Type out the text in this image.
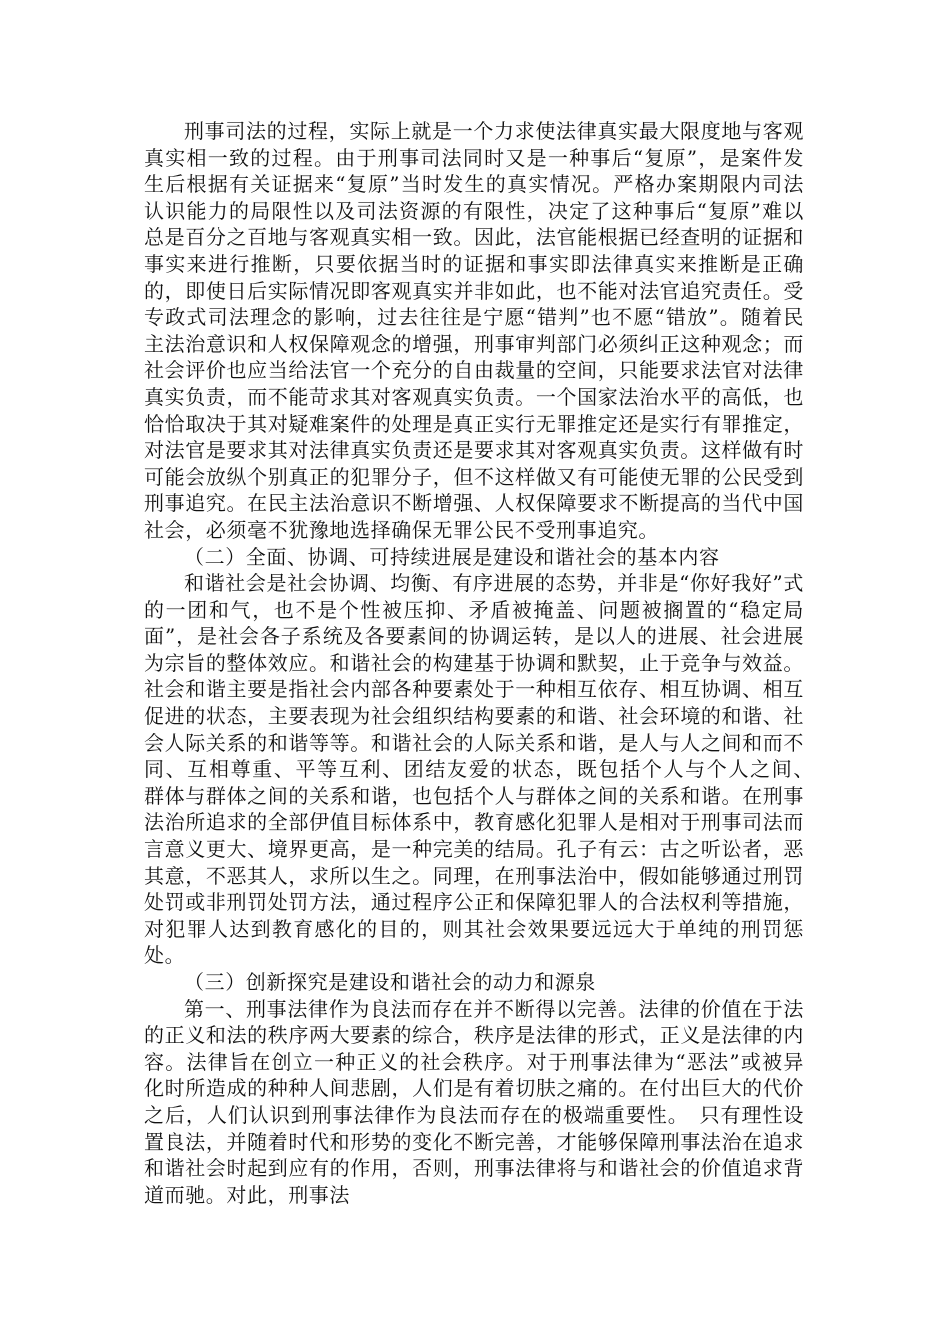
刑事司法的过程，实际上就是一个力求使法律真实最大限度地与客观真实相一致的过程。由于刑事司法同时又是一种事后“复原”，是案件发生后根据有关证据来“复原”当时发生的真实情况。严格办案期限内司法认识能力的局限性以及司法资源的有限性，决定了这种事后“复原”难以总是百分之百地与客观真实相一致。因此，法官能根据已经查明的证据和事实来进行推断，只要依据当时的证据和事实即法律真实来推断是正确的，即使日后实际情况即客观真实并非如此，也不能对法官追究责任。受专政式司法理念的影响，过去往往是宁愿“错判”也不愿“错放”。随着民主法治意识和人权保障观念的增强，刑事审判部门必须纠正这种观念；而社会评价也应当给法官一个充分的自由裁量的空间，只能要求法官对法律真实负责，而不能苛求其对客观真实负责。一个国家法治水平的高低，也恰恰取决于其对疑难案件的处理是真正实行无罪推定还是实行有罪推定，对法官是要求其对法律真实负责还是要求其对客观真实负责。这样做有时可能会放纵个别真正的犯罪分子，但不这样做又有可能使无罪的公民受到刑事追究。在民主法治意识不断增强、人权保障要求不断提高的当代中国社会，必须毫不犹豫地选择确保无罪公民不受刑事追究。

（二）全面、协调、可持续进展是建设和谐社会的基本内容

和谐社会是社会协调、均衡、有序进展的态势，并非是“你好我好”式的一团和气，也不是个性被压抑、矛盾被掩盖、问题被搁置的“稳定局面”，是社会各子系统及各要素间的协调运转，是以人的进展、社会进展为宗旨的整体效应。和谐社会的构建基于协调和默契，止于竞争与效益。社会和谐主要是指社会内部各种要素处于一种相互依存、相互协调、相互促进的状态，主要表现为社会组织结构要素的和谐、社会环境的和谐、社会人际关系的和谐等等。和谐社会的人际关系和谐，是人与人之间和而不同、互相尊重、平等互利、团结友爱的状态，既包括个人与个人之间、　群体与群体之间的关系和谐，也包括个人与群体之间的关系和谐。在刑事法治所追求的全部伊值目标体系中，教育感化犯罪人是相对于刑事司法而言意义更大、境界更高，是一种完美的结局。孔子有云：古之听讼者，恶其意，不恶其人，求所以生之。同理，在刑事法治中，假如能够通过刑罚处罚或非刑罚处罚方法，通过程序公正和保障犯罪人的合法权利等措施，对犯罪人达到教育感化的目的，则其社会效果要远远大于单纯的刑罚惩处。

（三）创新探究是建设和谐社会的动力和源泉

第一、刑事法律作为良法而存在并不断得以完善。法律的价值在于法的正义和法的秩序两大要素的综合，秩序是法律的形式，正义是法律的内容。法律旨在创立一种正义的社会秩序。对于刑事法律为“恶法”或被异化时所造成的种种人间悲剧，人们是有着切肤之痛的。在付出巨大的代价之后，人们认识到刑事法律作为良法而存在的极端重要性。　只有理性设置良法，并随着时代和形势的变化不断完善，才能够保障刑事法治在追求和谐社会时起到应有的作用，否则，刑事法律将与和谐社会的价值追求背道而驰。对此，刑事法
